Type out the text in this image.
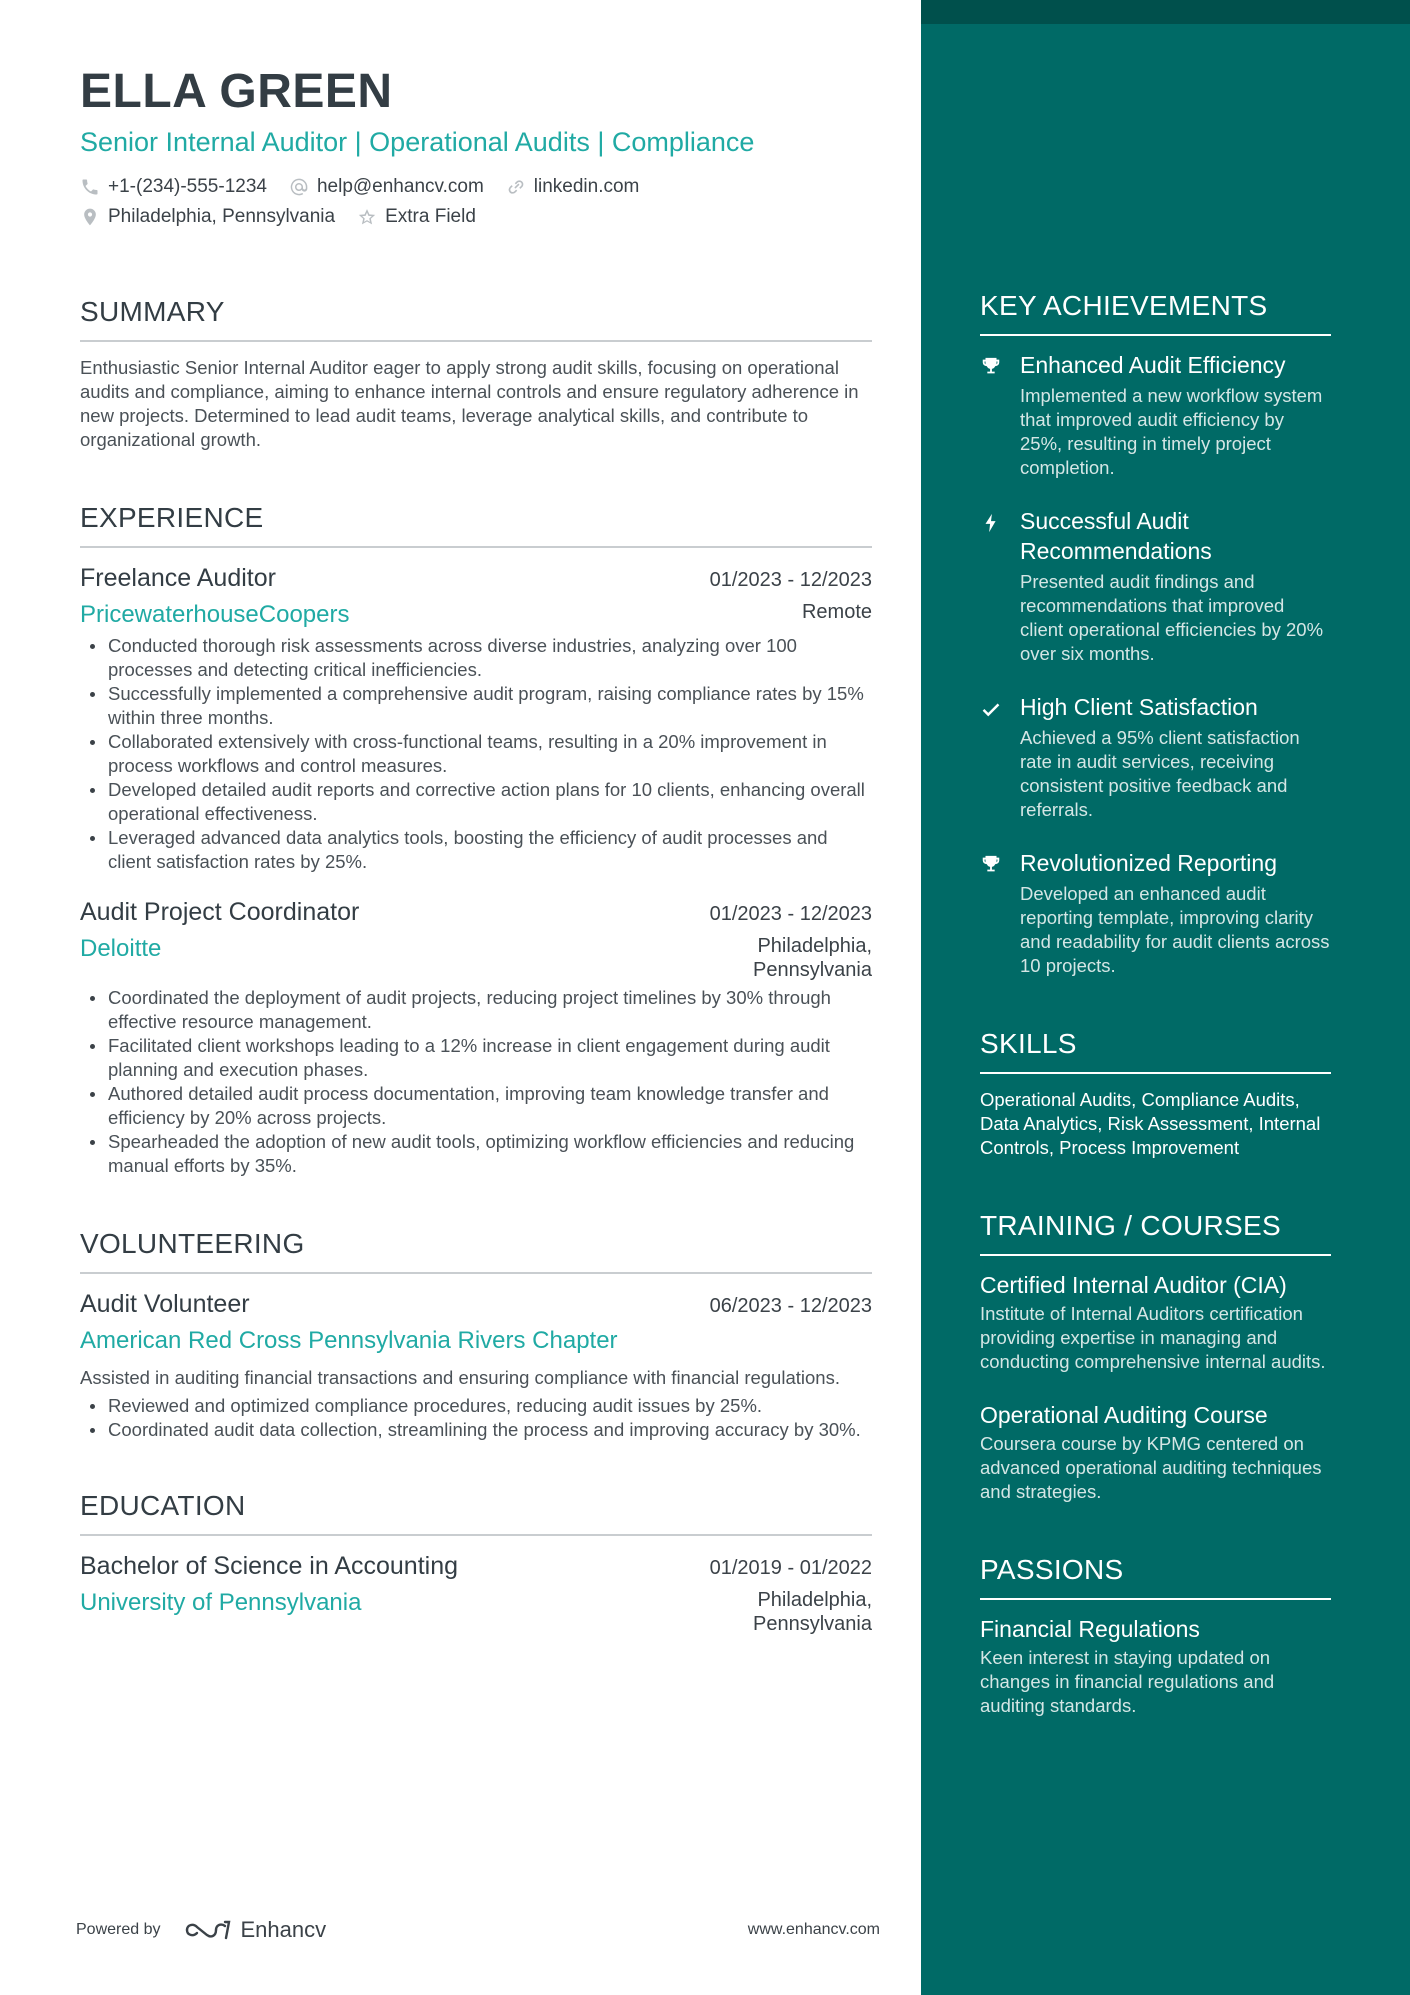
ELLA GREEN
Senior Internal Auditor | Operational Audits | Compliance
+1-(234)-555-1234	help@enhancv.com	linkedin.com
Philadelphia, Pennsylvania	Extra Field
SUMMARY
Enthusiastic Senior Internal Auditor eager to apply strong audit skills, focusing on operational audits and compliance, aiming to enhance internal controls and ensure regulatory adherence in new projects. Determined to lead audit teams, leverage analytical skills, and contribute to organizational growth.
EXPERIENCE
Freelance Auditor	01/2023 - 12/2023
PricewaterhouseCoopers	Remote
Conducted thorough risk assessments across diverse industries, analyzing over 100 processes and detecting critical inefficiencies.
Successfully implemented a comprehensive audit program, raising compliance rates by 15% within three months.
Collaborated extensively with cross-functional teams, resulting in a 20% improvement in process workflows and control measures.
Developed detailed audit reports and corrective action plans for 10 clients, enhancing overall operational effectiveness.
Leveraged advanced data analytics tools, boosting the efficiency of audit processes and client satisfaction rates by 25%.
Audit Project Coordinator	01/2023 - 12/2023
Deloitte	Philadelphia, Pennsylvania
Coordinated the deployment of audit projects, reducing project timelines by 30% through effective resource management.
Facilitated client workshops leading to a 12% increase in client engagement during audit planning and execution phases.
Authored detailed audit process documentation, improving team knowledge transfer and efficiency by 20% across projects.
Spearheaded the adoption of new audit tools, optimizing workflow efficiencies and reducing manual efforts by 35%.
VOLUNTEERING
Audit Volunteer	06/2023 - 12/2023
American Red Cross Pennsylvania Rivers Chapter
Assisted in auditing financial transactions and ensuring compliance with financial regulations.
Reviewed and optimized compliance procedures, reducing audit issues by 25%.
Coordinated audit data collection, streamlining the process and improving accuracy by 30%.
EDUCATION
Bachelor of Science in Accounting	01/2019 - 01/2022
University of Pennsylvania	Philadelphia, Pennsylvania
KEY ACHIEVEMENTS
Enhanced Audit Efficiency
Implemented a new workflow system that improved audit efficiency by 25%, resulting in timely project completion.
Successful Audit Recommendations
Presented audit findings and recommendations that improved client operational efficiencies by 20% over six months.
High Client Satisfaction
Achieved a 95% client satisfaction rate in audit services, receiving consistent positive feedback and referrals.
Revolutionized Reporting
Developed an enhanced audit reporting template, improving clarity and readability for audit clients across 10 projects.
SKILLS
Operational Audits, Compliance Audits, Data Analytics, Risk Assessment, Internal Controls, Process Improvement
TRAINING / COURSES
Certified Internal Auditor (CIA)
Institute of Internal Auditors certification providing expertise in managing and conducting comprehensive internal audits.
Operational Auditing Course
Coursera course by KPMG centered on advanced operational auditing techniques and strategies.
PASSIONS
Financial Regulations
Keen interest in staying updated on changes in financial regulations and auditing standards.
Powered by	Enhancv	www.enhancv.com
